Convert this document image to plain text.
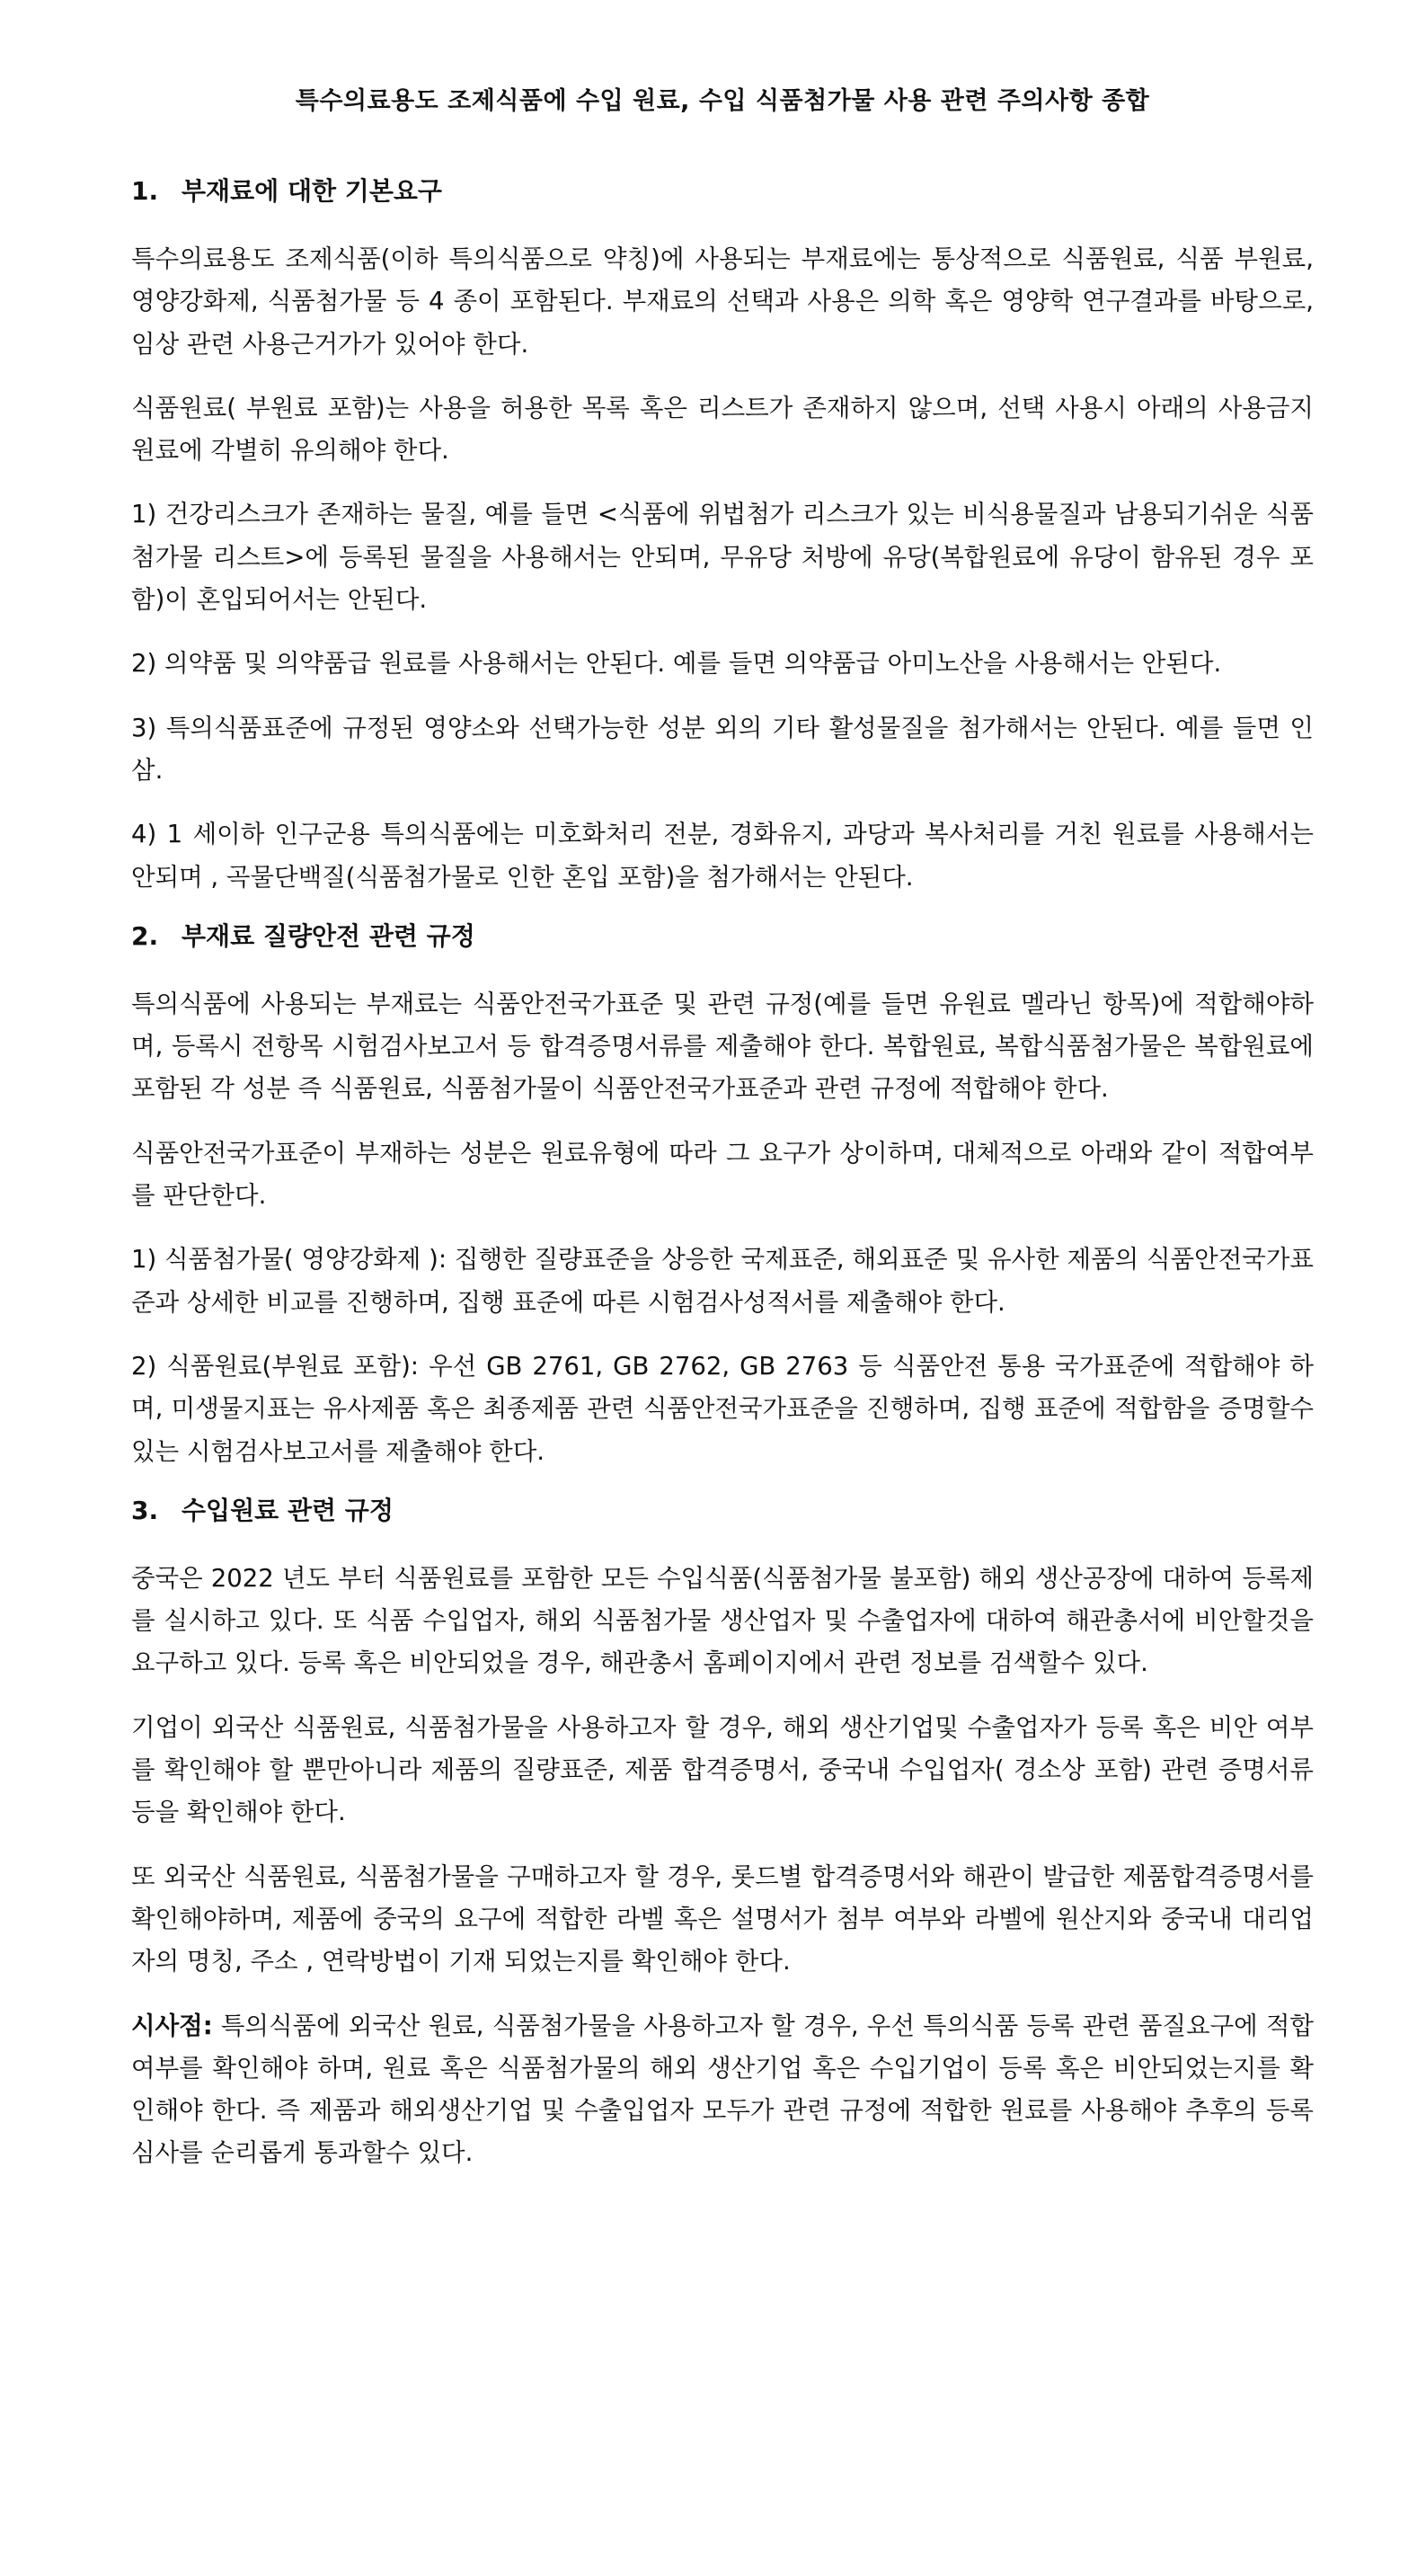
특수의료용도 조제식품에 수입 원료, 수입 식품첨가물 사용 관련 주의사항 종합
1. 부재료에 대한 기본요구

특수의료용도 조제식품(이하 특의식품으로 약칭)에 사용되는 부재료에는 통상적으로 식품원료, 식품 부원료, 영양강화제, 식품첨가물 등 4 종이 포함된다. 부재료의 선택과 사용은 의학 혹은 영양학 연구결과를 바탕으로, 임상 관련 사용근거가가 있어야 한다.

식품원료( 부원료 포함)는 사용을 허용한 목록 혹은 리스트가 존재하지 않으며, 선택 사용시 아래의 사용금지 원료에 각별히 유의해야 한다.

1) 건강리스크가 존재하는 물질, 예를 들면 <식품에 위법첨가 리스크가 있는 비식용물질과 남용되기쉬운 식품첨가물 리스트>에 등록된 물질을 사용해서는 안되며, 무유당 처방에 유당(복합원료에 유당이 함유된 경우 포함)이 혼입되어서는 안된다.

2) 의약품 및 의약품급 원료를 사용해서는 안된다. 예를 들면 의약품급 아미노산을 사용해서는 안된다.

3) 특의식품표준에 규정된 영양소와 선택가능한 성분 외의 기타 활성물질을 첨가해서는 안된다. 예를 들면 인삼.

4) 1 세이하 인구군용 특의식품에는 미호화처리 전분, 경화유지, 과당과 복사처리를 거친 원료를 사용해서는 안되며 , 곡물단백질(식품첨가물로 인한 혼입 포함)을 첨가해서는 안된다.

2. 부재료 질량안전 관련 규정

특의식품에 사용되는 부재료는 식품안전국가표준 및 관련 규정(예를 들면 유원료 멜라닌 항목)에 적합해야하며, 등록시 전항목 시험검사보고서 등 합격증명서류를 제출해야 한다. 복합원료, 복합식품첨가물은 복합원료에 포함된 각 성분 즉 식품원료, 식품첨가물이 식품안전국가표준과 관련 규정에 적합해야 한다.

식품안전국가표준이 부재하는 성분은 원료유형에 따라 그 요구가 상이하며, 대체적으로 아래와 같이 적합여부를 판단한다.

1) 식품첨가물( 영양강화제 ): 집행한 질량표준을 상응한 국제표준, 해외표준 및 유사한 제품의 식품안전국가표준과 상세한 비교를 진행하며, 집행 표준에 따른 시험검사성적서를 제출해야 한다.

2) 식품원료(부원료 포함): 우선 GB 2761, GB 2762, GB 2763 등 식품안전 통용 국가표준에 적합해야 하며, 미생물지표는 유사제품 혹은 최종제품 관련 식품안전국가표준을 진행하며, 집행 표준에 적합함을 증명할수 있는 시험검사보고서를 제출해야 한다.

3. 수입원료 관련 규정

중국은 2022 년도 부터 식품원료를 포함한 모든 수입식품(식품첨가물 불포함) 해외 생산공장에 대하여 등록제를 실시하고 있다. 또 식품 수입업자, 해외 식품첨가물 생산업자 및 수출업자에 대하여 해관총서에 비안할것을 요구하고 있다. 등록 혹은 비안되었을 경우, 해관총서 홈페이지에서 관련 정보를 검색할수 있다.

기업이 외국산 식품원료, 식품첨가물을 사용하고자 할 경우, 해외 생산기업및 수출업자가 등록 혹은 비안 여부를 확인해야 할 뿐만아니라 제품의 질량표준, 제품 합격증명서, 중국내 수입업자( 경소상 포함) 관련 증명서류 등을 확인해야 한다.

또 외국산 식품원료, 식품첨가물을 구매하고자 할 경우, 롯드별 합격증명서와 해관이 발급한 제품합격증명서를 확인해야하며, 제품에 중국의 요구에 적합한 라벨 혹은 설명서가 첨부 여부와 라벨에 원산지와 중국내 대리업자의 명칭, 주소 , 연락방법이 기재 되었는지를 확인해야 한다.

시사점: 특의식품에 외국산 원료, 식품첨가물을 사용하고자 할 경우, 우선 특의식품 등록 관련 품질요구에 적합여부를 확인해야 하며, 원료 혹은 식품첨가물의 해외 생산기업 혹은 수입기업이 등록 혹은 비안되었는지를 확인해야 한다. 즉 제품과 해외생산기업 및 수출입업자 모두가 관련 규정에 적합한 원료를 사용해야 추후의 등록심사를 순리롭게 통과할수 있다.
